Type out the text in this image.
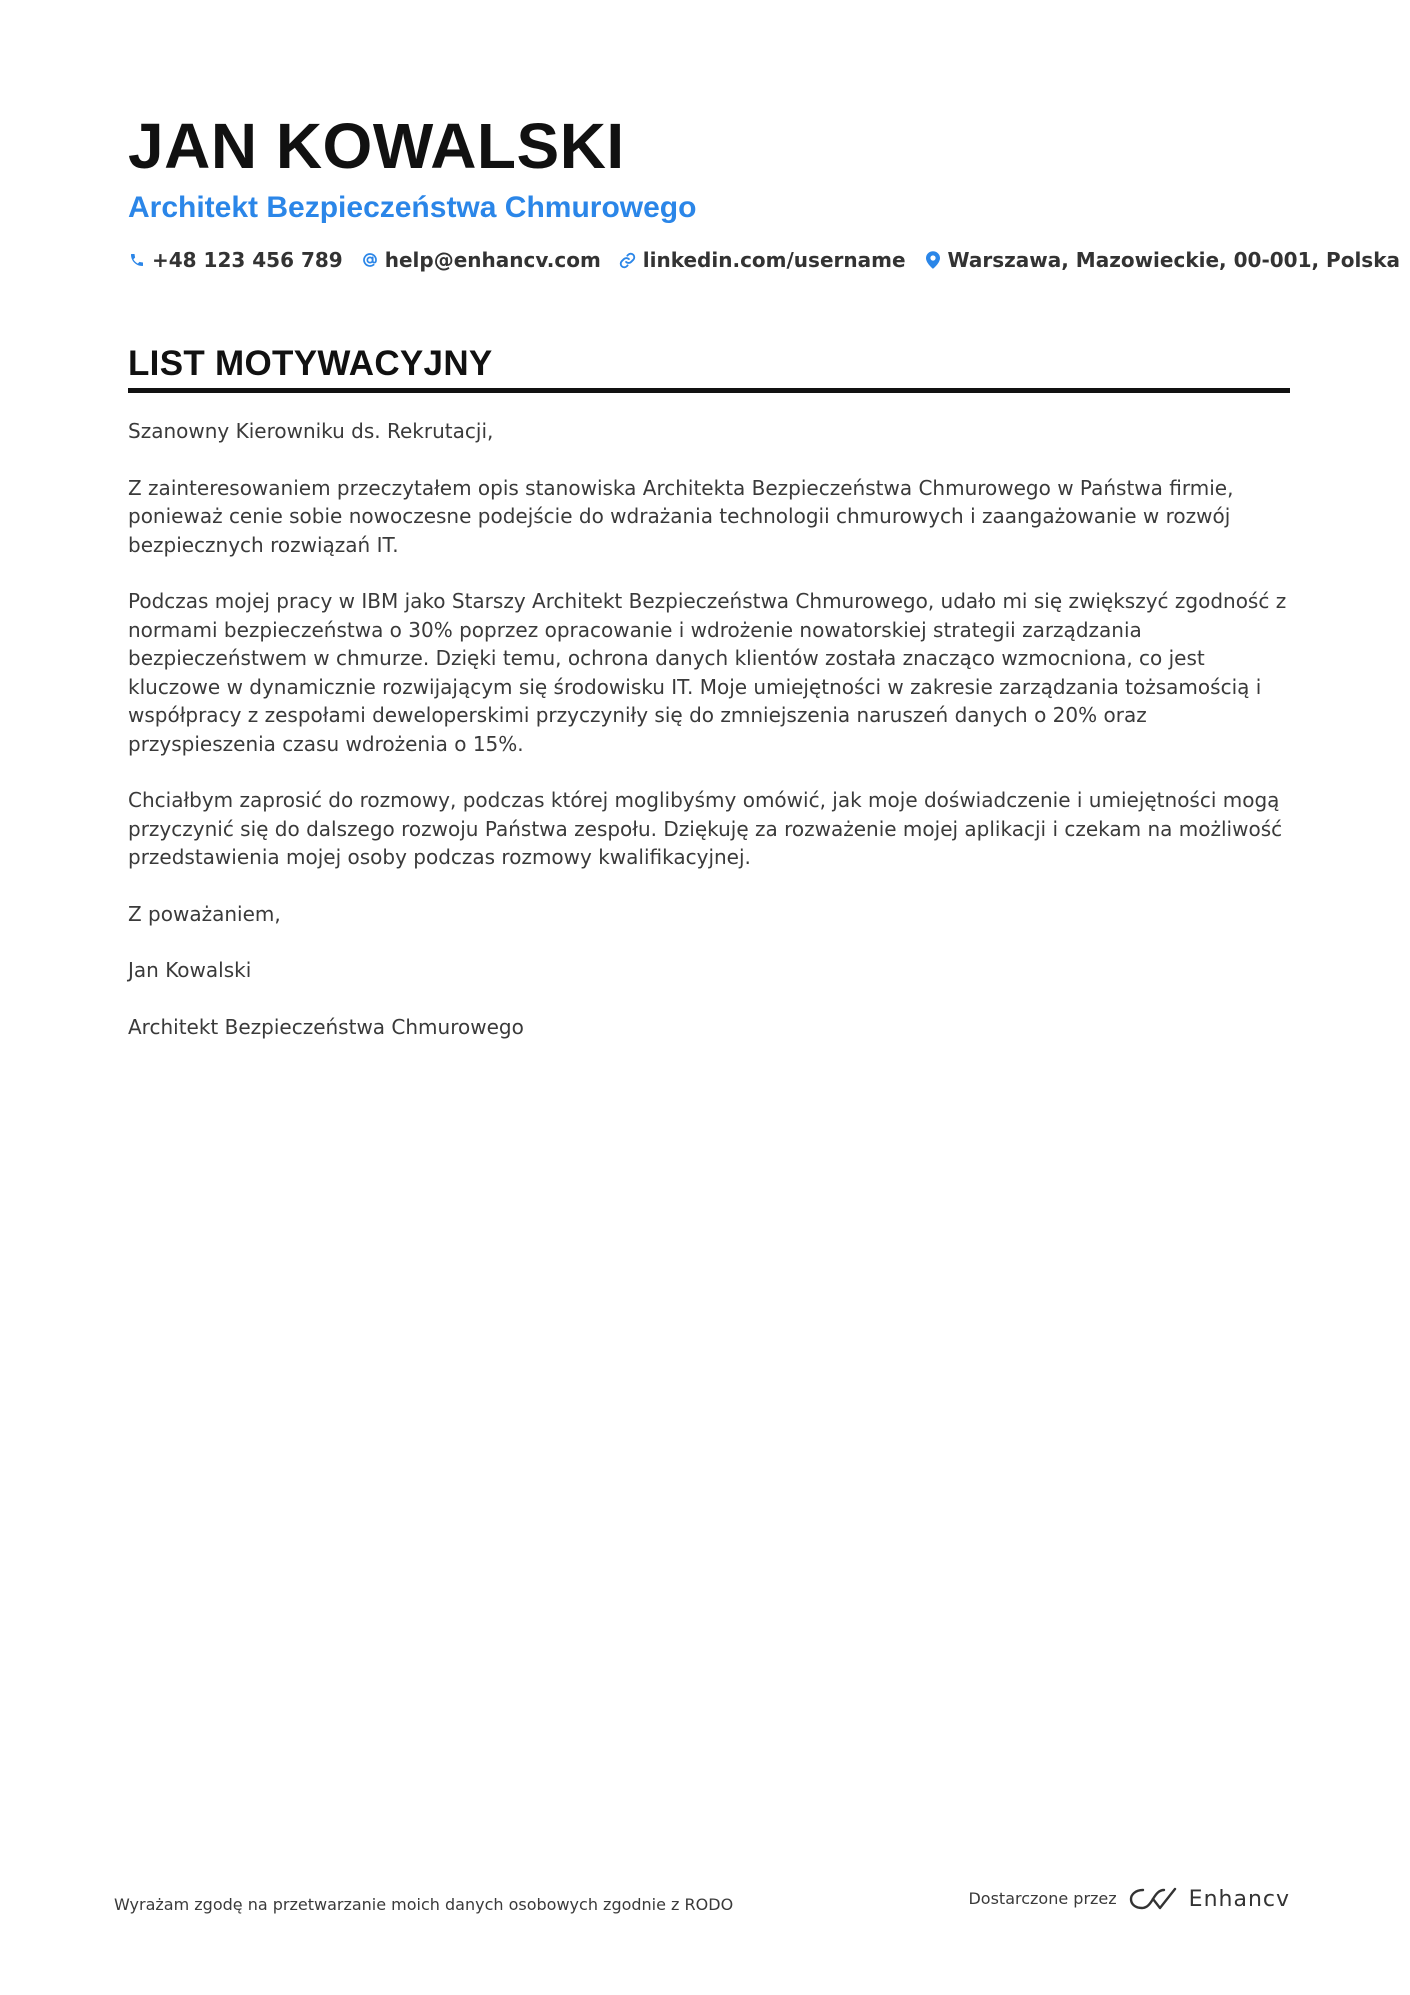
JAN KOWALSKI
Architekt Bezpieczeństwa Chmurowego
+48 123 456 789 help@enhancv.com linkedin.com/username Warszawa, Mazowieckie, 00-001, Polska
LIST MOTYWACYJNY

Szanowny Kierowniku ds. Rekrutacji,

Z zainteresowaniem przeczytałem opis stanowiska Architekta Bezpieczeństwa Chmurowego w Państwa firmie, ponieważ cenie sobie nowoczesne podejście do wdrażania technologii chmurowych i zaangażowanie w rozwój bezpiecznych rozwiązań IT.

Podczas mojej pracy w IBM jako Starszy Architekt Bezpieczeństwa Chmurowego, udało mi się zwiększyć zgodność z normami bezpieczeństwa o 30% poprzez opracowanie i wdrożenie nowatorskiej strategii zarządzania bezpieczeństwem w chmurze. Dzięki temu, ochrona danych klientów została znacząco wzmocniona, co jest kluczowe w dynamicznie rozwijającym się środowisku IT. Moje umiejętności w zakresie zarządzania tożsamością i współpracy z zespołami deweloperskimi przyczyniły się do zmniejszenia naruszeń danych o 20% oraz przyspieszenia czasu wdrożenia o 15%.

Chciałbym zaprosić do rozmowy, podczas której moglibyśmy omówić, jak moje doświadczenie i umiejętności mogą przyczynić się do dalszego rozwoju Państwa zespołu. Dziękuję za rozważenie mojej aplikacji i czekam na możliwość przedstawienia mojej osoby podczas rozmowy kwalifikacyjnej.

Z poważaniem,

Jan Kowalski

Architekt Bezpieczeństwa Chmurowego

Wyrażam zgodę na przetwarzanie moich danych osobowych zgodnie z RODO	Dostarczone przez	Enhancv
